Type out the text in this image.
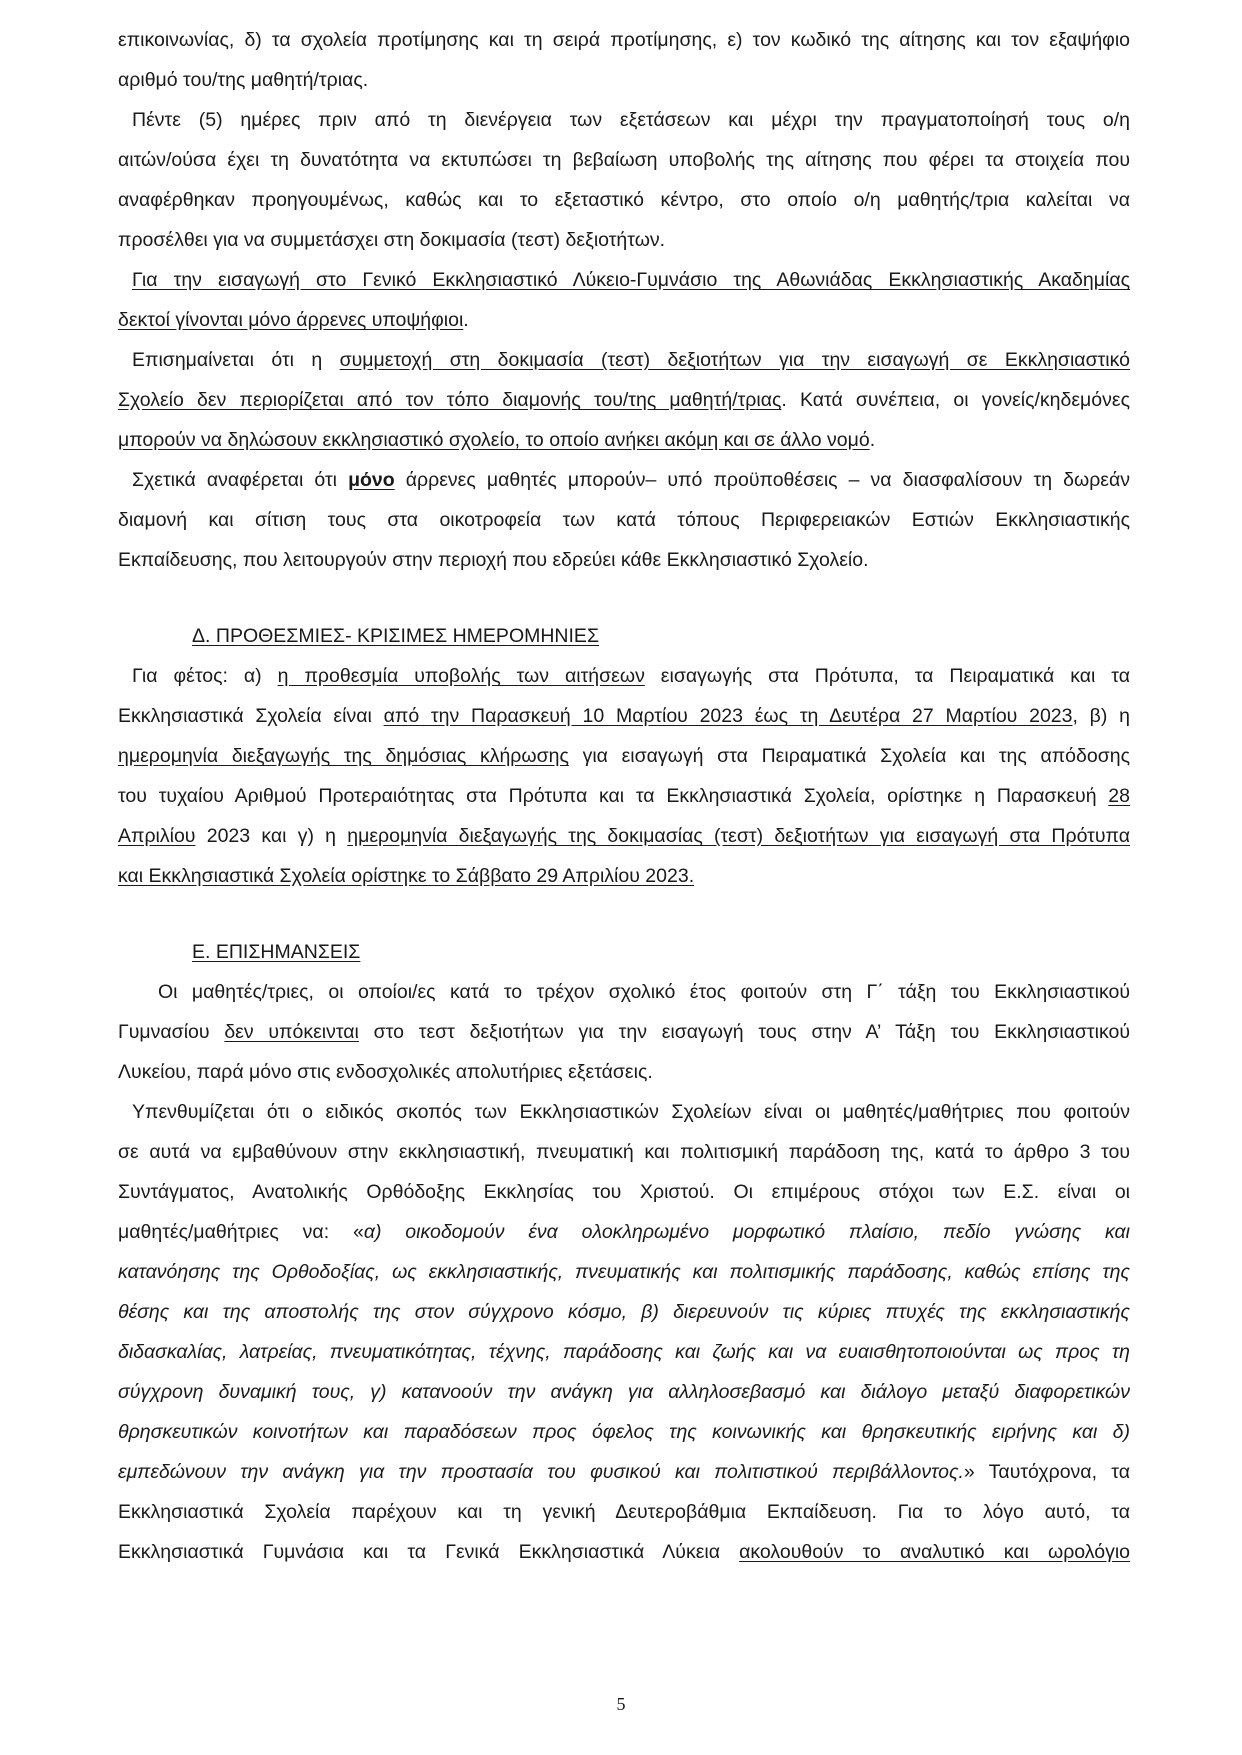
επικοινωνίας, δ) τα σχολεία προτίμησης και τη σειρά προτίμησης, ε) τον κωδικό της αίτησης και τον εξαψήφιο
αριθμό του/της μαθητή/τριας.
Πέντε (5) ημέρες πριν από τη διενέργεια των εξετάσεων και μέχρι την πραγματοποίησή τους ο/η
αιτών/ούσα έχει τη δυνατότητα να εκτυπώσει τη βεβαίωση υποβολής της αίτησης που φέρει τα στοιχεία που
αναφέρθηκαν προηγουμένως, καθώς και το εξεταστικό κέντρο, στο οποίο ο/η μαθητής/τρια καλείται να
προσέλθει για να συμμετάσχει στη δοκιμασία (τεστ) δεξιοτήτων.
Για την εισαγωγή στο Γενικό Εκκλησιαστικό Λύκειο-Γυμνάσιο της Αθωνιάδας Εκκλησιαστικής Ακαδημίας
δεκτοί γίνονται μόνο άρρενες υποψήφιοι.
Επισημαίνεται ότι η συμμετοχή στη δοκιμασία (τεστ) δεξιοτήτων για την εισαγωγή σε Εκκλησιαστικό
Σχολείο δεν περιορίζεται από τον τόπο διαμονής του/της μαθητή/τριας. Κατά συνέπεια, οι γονείς/κηδεμόνες
μπορούν να δηλώσουν εκκλησιαστικό σχολείο, το οποίο ανήκει ακόμη και σε άλλο νομό.
Σχετικά αναφέρεται ότι μόνο άρρενες μαθητές μπορούν– υπό προϋποθέσεις – να διασφαλίσουν τη δωρεάν
διαμονή και σίτιση τους στα οικοτροφεία των κατά τόπους Περιφερειακών Εστιών Εκκλησιαστικής
Εκπαίδευσης, που λειτουργούν στην περιοχή που εδρεύει κάθε Εκκλησιαστικό Σχολείο.
Δ. ΠΡΟΘΕΣΜΙΕΣ- ΚΡΙΣΙΜΕΣ ΗΜΕΡΟΜΗΝΙΕΣ
Για φέτος: α) η προθεσμία υποβολής των αιτήσεων εισαγωγής στα Πρότυπα, τα Πειραματικά και τα
Εκκλησιαστικά Σχολεία είναι από την Παρασκευή 10 Μαρτίου 2023 έως τη Δευτέρα 27 Μαρτίου 2023, β) η
ημερομηνία διεξαγωγής της δημόσιας κλήρωσης για εισαγωγή στα Πειραματικά Σχολεία και της απόδοσης
του τυχαίου Αριθμού Προτεραιότητας στα Πρότυπα και τα Εκκλησιαστικά Σχολεία, ορίστηκε η Παρασκευή 28
Απριλίου 2023 και γ) η ημερομηνία διεξαγωγής της δοκιμασίας (τεστ) δεξιοτήτων για εισαγωγή στα Πρότυπα
και Εκκλησιαστικά Σχολεία ορίστηκε το Σάββατο 29 Απριλίου 2023.
Ε. ΕΠΙΣΗΜΑΝΣΕΙΣ
Οι μαθητές/τριες, οι οποίοι/ες κατά το τρέχον σχολικό έτος φοιτούν στη Γ΄ τάξη του Εκκλησιαστικού
Γυμνασίου δεν υπόκεινται στο τεστ δεξιοτήτων για την εισαγωγή τους στην Α’ Τάξη του Εκκλησιαστικού
Λυκείου, παρά μόνο στις ενδοσχολικές απολυτήριες εξετάσεις.
Υπενθυμίζεται ότι ο ειδικός σκοπός των Εκκλησιαστικών Σχολείων είναι οι μαθητές/μαθήτριες που φοιτούν
σε αυτά να εμβαθύνουν στην εκκλησιαστική, πνευματική και πολιτισμική παράδοση της, κατά το άρθρο 3 του
Συντάγματος, Ανατολικής Ορθόδοξης Εκκλησίας του Χριστού. Οι επιμέρους στόχοι των Ε.Σ. είναι οι
μαθητές/μαθήτριες να: «α) οικοδομούν ένα ολοκληρωμένο μορφωτικό πλαίσιο, πεδίο γνώσης και
κατανόησης της Ορθοδοξίας, ως εκκλησιαστικής, πνευματικής και πολιτισμικής παράδοσης, καθώς επίσης της
θέσης και της αποστολής της στον σύγχρονο κόσμο, β) διερευνούν τις κύριες πτυχές της εκκλησιαστικής
διδασκαλίας, λατρείας, πνευματικότητας, τέχνης, παράδοσης και ζωής και να ευαισθητοποιούνται ως προς τη
σύγχρονη δυναμική τους, γ) κατανοούν την ανάγκη για αλληλοσεβασμό και διάλογο μεταξύ διαφορετικών
θρησκευτικών κοινοτήτων και παραδόσεων προς όφελος της κοινωνικής και θρησκευτικής ειρήνης και δ)
εμπεδώνουν την ανάγκη για την προστασία του φυσικού και πολιτιστικού περιβάλλοντος.» Ταυτόχρονα, τα
Εκκλησιαστικά Σχολεία παρέχουν και τη γενική Δευτεροβάθμια Εκπαίδευση. Για το λόγο αυτό, τα
Εκκλησιαστικά Γυμνάσια και τα Γενικά Εκκλησιαστικά Λύκεια ακολουθούν το αναλυτικό και ωρολόγιο
5
